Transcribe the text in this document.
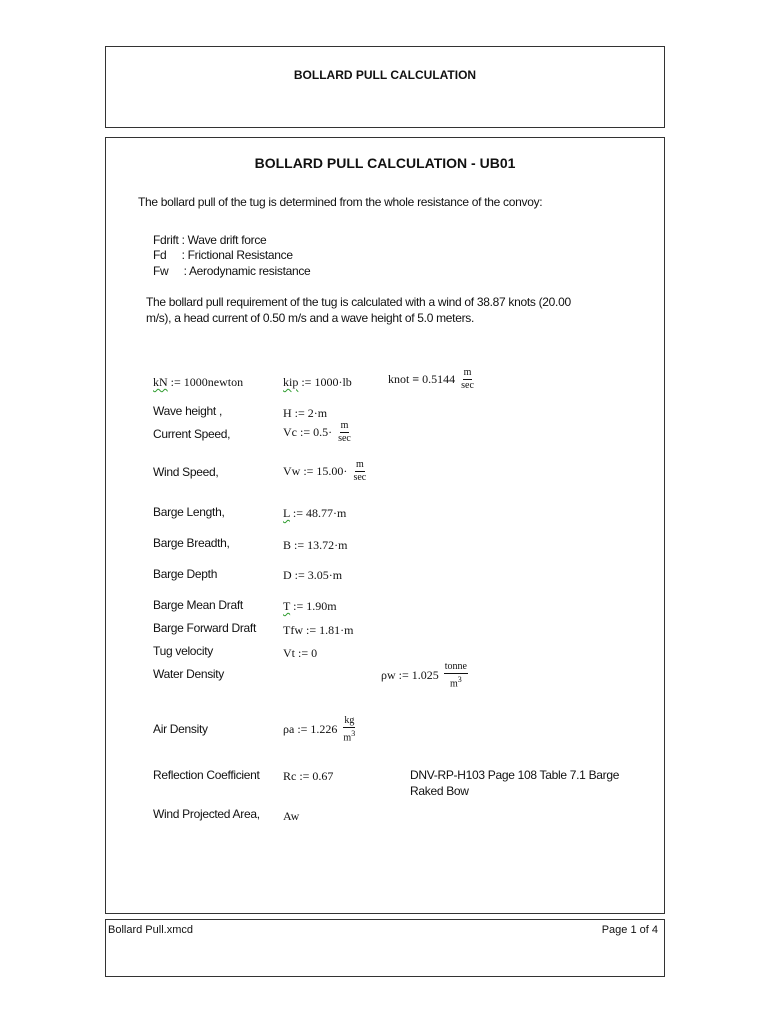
BOLLARD PULL CALCULATION
BOLLARD PULL CALCULATION - UB01
The bollard pull of the tug is determined from the whole resistance of the convoy:
Fdrift : Wave drift force
Fd     : Frictional Resistance
Fw     : Aerodynamic resistance
The bollard pull requirement of the tug is calculated with a wind of 38.87 knots (20.00
m/s), a head current of 0.50 m/s and a wave height of 5.0 meters.
kN := 1000newton	kip := 1000·lb	knot ≡ $0.5144 \frac{m}{\sec}$
Wave height ,	H := 2·m
Current Speed,	Vc := $0.5\cdot \frac{m}{\sec}$
Wind Speed,	Vw := $15.00\cdot \frac{m}{\sec}$
Barge Length,	L := 48.77·m
Barge Breadth,	B := 13.72·m
Barge Depth	D := 3.05·m
Barge Mean Draft	T := 1.90m
Barge Forward Draft Tfw := 1.81·m
Tug velocity	Vt := 0
Water Density	ρw := $1.025 \frac{\text{tonne}}{m^3}$
Air Density	ρa := $1.226 \frac{kg}{m^3}$
Reflection Coefficient Rc := 0.67	DNV-RP-H103 Page 108 Table 7.1 Barge
Raked Bow
Wind Projected Area, Aw
Bollard Pull.xmcd	Page 1 of 4
